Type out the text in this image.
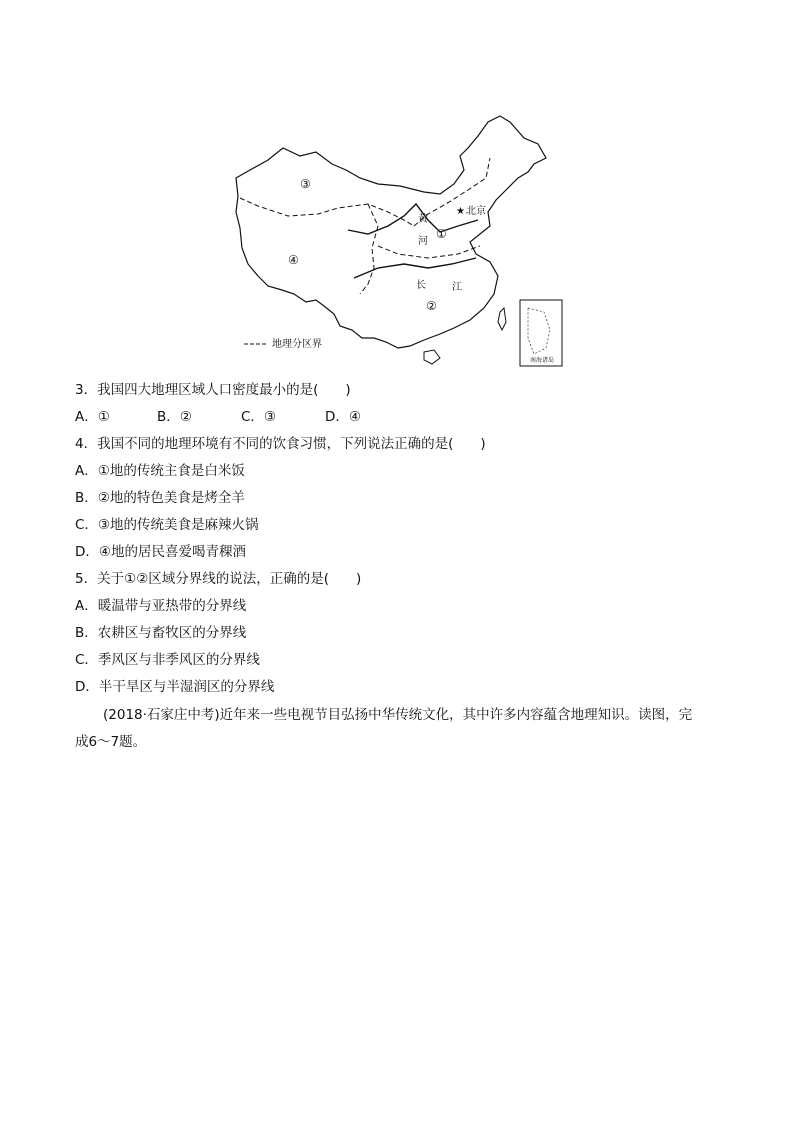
③
④
①
②
黄
河
长	江
★ 北京
地理分区界
南海诸岛
3．我国四大地理区域人口密度最小的是(　　)
A．①	B．②	C．③	D．④
4．我国不同的地理环境有不同的饮食习惯，下列说法正确的是(　　)
A．①地的传统主食是白米饭
B．②地的特色美食是烤全羊
C．③地的传统美食是麻辣火锅
D．④地的居民喜爱喝青稞酒
5．关于①②区域分界线的说法，正确的是(　　)
A．暖温带与亚热带的分界线
B．农耕区与畜牧区的分界线
C．季风区与非季风区的分界线
D．半干旱区与半湿润区的分界线
(2018·石家庄中考)近年来一些电视节目弘扬中华传统文化，其中许多内容蕴含地理知识。读图，完
成6～7题。
